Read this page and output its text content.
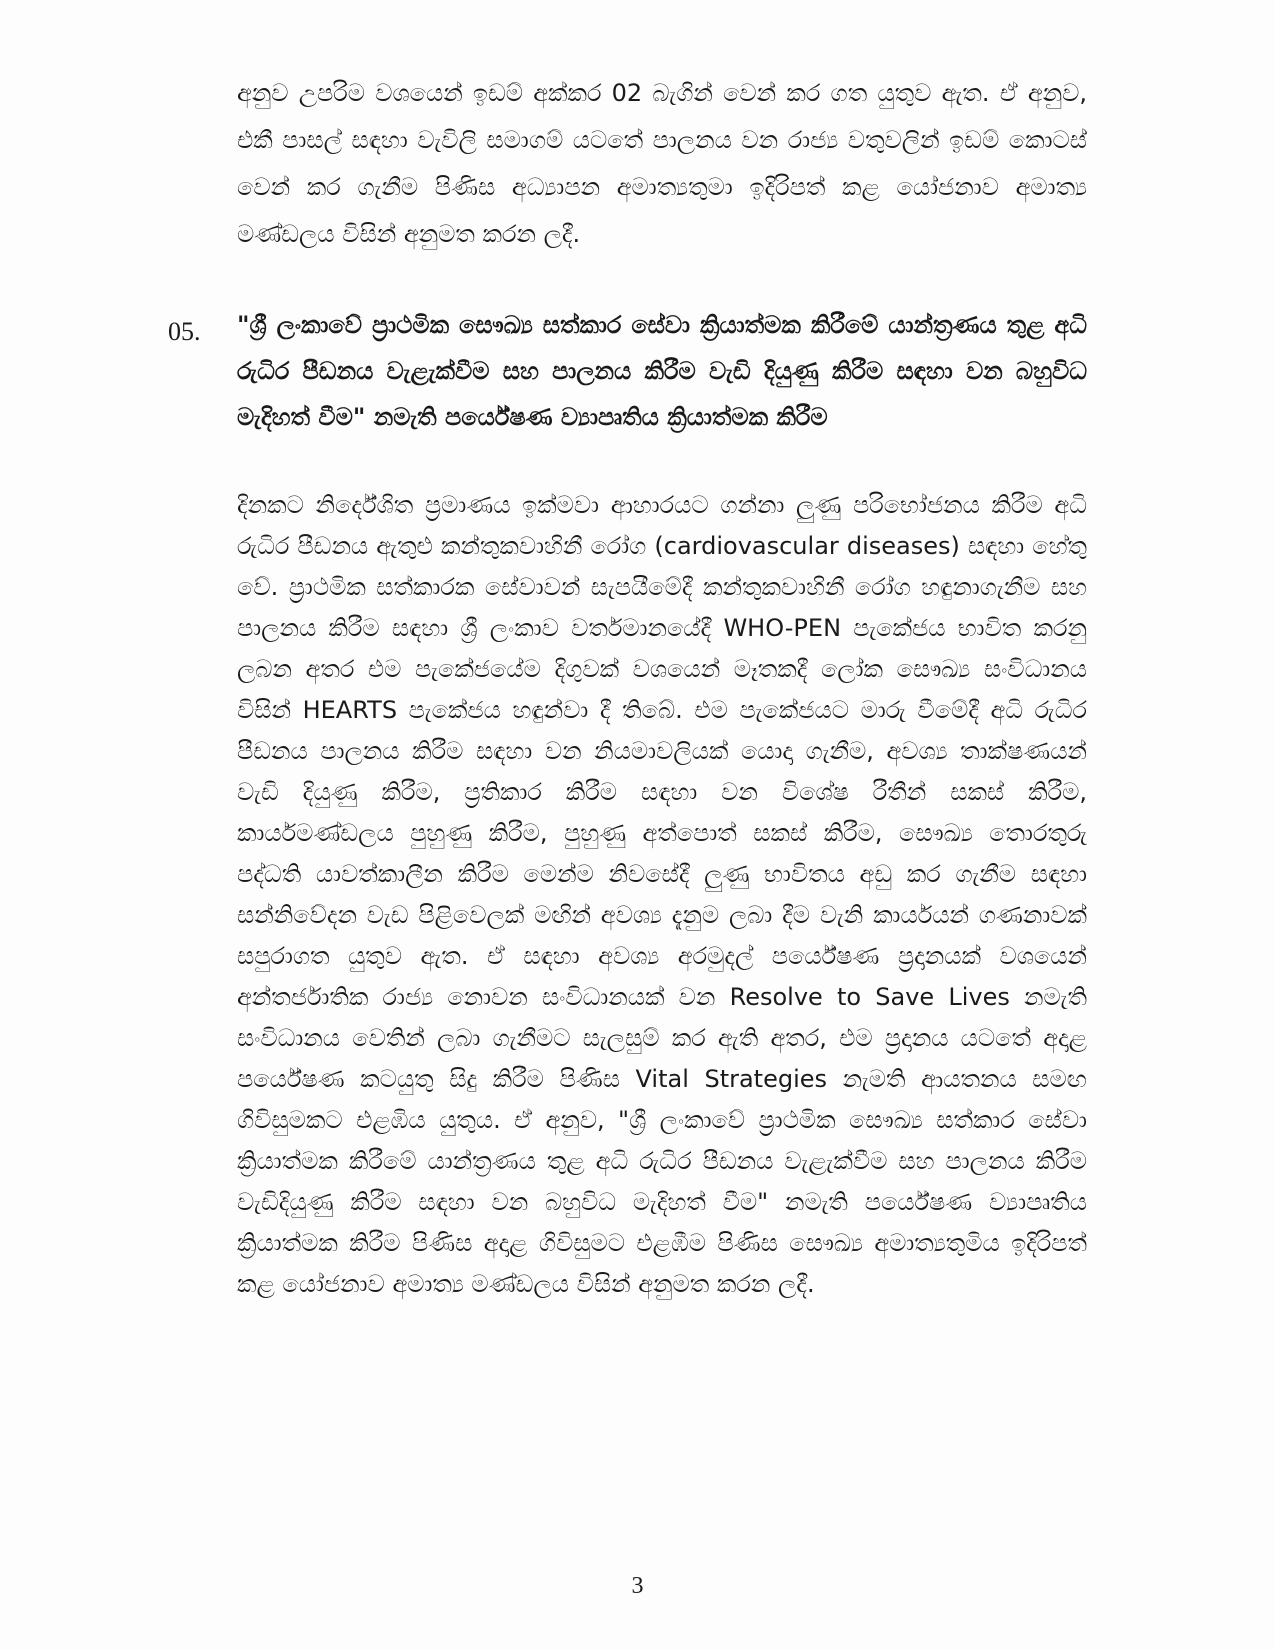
අනුව උපරිම වශයෙන් ඉඩම් අක්කර 02 බැගින් වෙන් කර ගත යුතුව ඇත. ඒ අනුව, එකී පාසල් සඳහා වැවිලි සමාගම් යටතේ පාලනය වන රාජ්‍ය වතුවලින් ඉඩම් කොටස් වෙන් කර ගැනීම පිණිස අධ්‍යාපන අමාත්‍යතුමා ඉදිරිපත් කළ යෝජනාව අමාත්‍ය මණ්ඩලය විසින් අනුමත කරන ලදී.

05. "ශ්‍රී ලංකාවේ ප්‍රාථමික සෞඛ්‍ය සත්කාර සේවා ක්‍රියාත්මක කිරීමේ යාන්ත්‍රණය තුළ අධි රුධිර පීඩනය වැළැක්වීම සහ පාලනය කිරීම වැඩි දියුණු කිරීම සඳහා වන බහුවිධ මැදිහත් වීම" නමැති පර්යේෂණ ව්‍යාපෘතිය ක්‍රියාත්මක කිරීම

දිනකට නිර්දේශිත ප්‍රමාණය ඉක්මවා ආහාරයට ගන්නා ලුණු පරිභෝජනය කිරීම අධි රුධිර පීඩනය ඇතුළු කන්තුකවාහිනී රෝග (cardiovascular diseases) සඳහා හේතු වේ. ප්‍රාථමික සත්කාරක සේවාවන් සැපයීමේදී කන්තුකවාහිනී රෝග හඳුනාගැනීම සහ පාලනය කිරීම සඳහා ශ්‍රී ලංකාව වර්තමානයේදී WHO-PEN පැකේජය භාවිත කරනු ලබන අතර එම පැකේජයේම දිගුවක් වශයෙන් මෑතකදී ලෝක සෞඛ්‍ය සංවිධානය විසින් HEARTS පැකේජය හඳුන්වා දී තිබේ. එම පැකේජයට මාරු වීමේදී අධි රුධිර පීඩනය පාලනය කිරීම සඳහා වන නියමාවලියක් යොදා ගැනීම, අවශ්‍ය තාක්ෂණයන් වැඩි දියුණු කිරීම, ප්‍රතිකාර කිරීම සඳහා වන විශේෂ රීතීන් සකස් කිරීම, කාර්යමණ්ඩලය පුහුණු කිරීම, පුහුණු අත්පොත් සකස් කිරීම, සෞඛ්‍ය තොරතුරු පද්ධති යාවත්කාලීන කිරීම මෙන්ම නිවසේදී ලුණු භාවිතය අඩු කර ගැනීම සඳහා සන්නිවේදන වැඩ පිළිවෙලක් මඟින් අවශ්‍ය දැනුම ලබා දීම වැනි කාර්යයන් ගණනාවක් සපුරාගත යුතුව ඇත. ඒ සඳහා අවශ්‍ය අරමුදල් පර්යේෂණ ප්‍රදානයක් වශයෙන් අන්තර්ජාතික රාජ්‍ය නොවන සංවිධානයක් වන Resolve to Save Lives නමැති සංවිධානය වෙතින් ලබා ගැනීමට සැලසුම් කර ඇති අතර, එම ප්‍රදානය යටතේ අදාළ පර්යේෂණ කටයුතු සිදු කිරීම පිණිස Vital Strategies නැමති ආයතනය සමඟ ගිවිසුමකට එළඹිය යුතුය. ඒ අනුව, "ශ්‍රී ලංකාවේ ප්‍රාථමික සෞඛ්‍ය සත්කාර සේවා ක්‍රියාත්මක කිරීමේ යාන්ත්‍රණය තුළ අධි රුධිර පීඩනය වැළැක්වීම සහ පාලනය කිරීම වැඩිදියුණු කිරීම සඳහා වන බහුවිධ මැදිහත් වීම" නමැති පර්යේෂණ ව්‍යාපෘතිය ක්‍රියාත්මක කිරීම පිණිස අදාළ ගිවිසුමට එළඹීම පිණිස සෞඛ්‍ය අමාත්‍යතුමිය ඉදිරිපත් කළ යෝජනාව අමාත්‍ය මණ්ඩලය විසින් අනුමත කරන ලදී.

3
